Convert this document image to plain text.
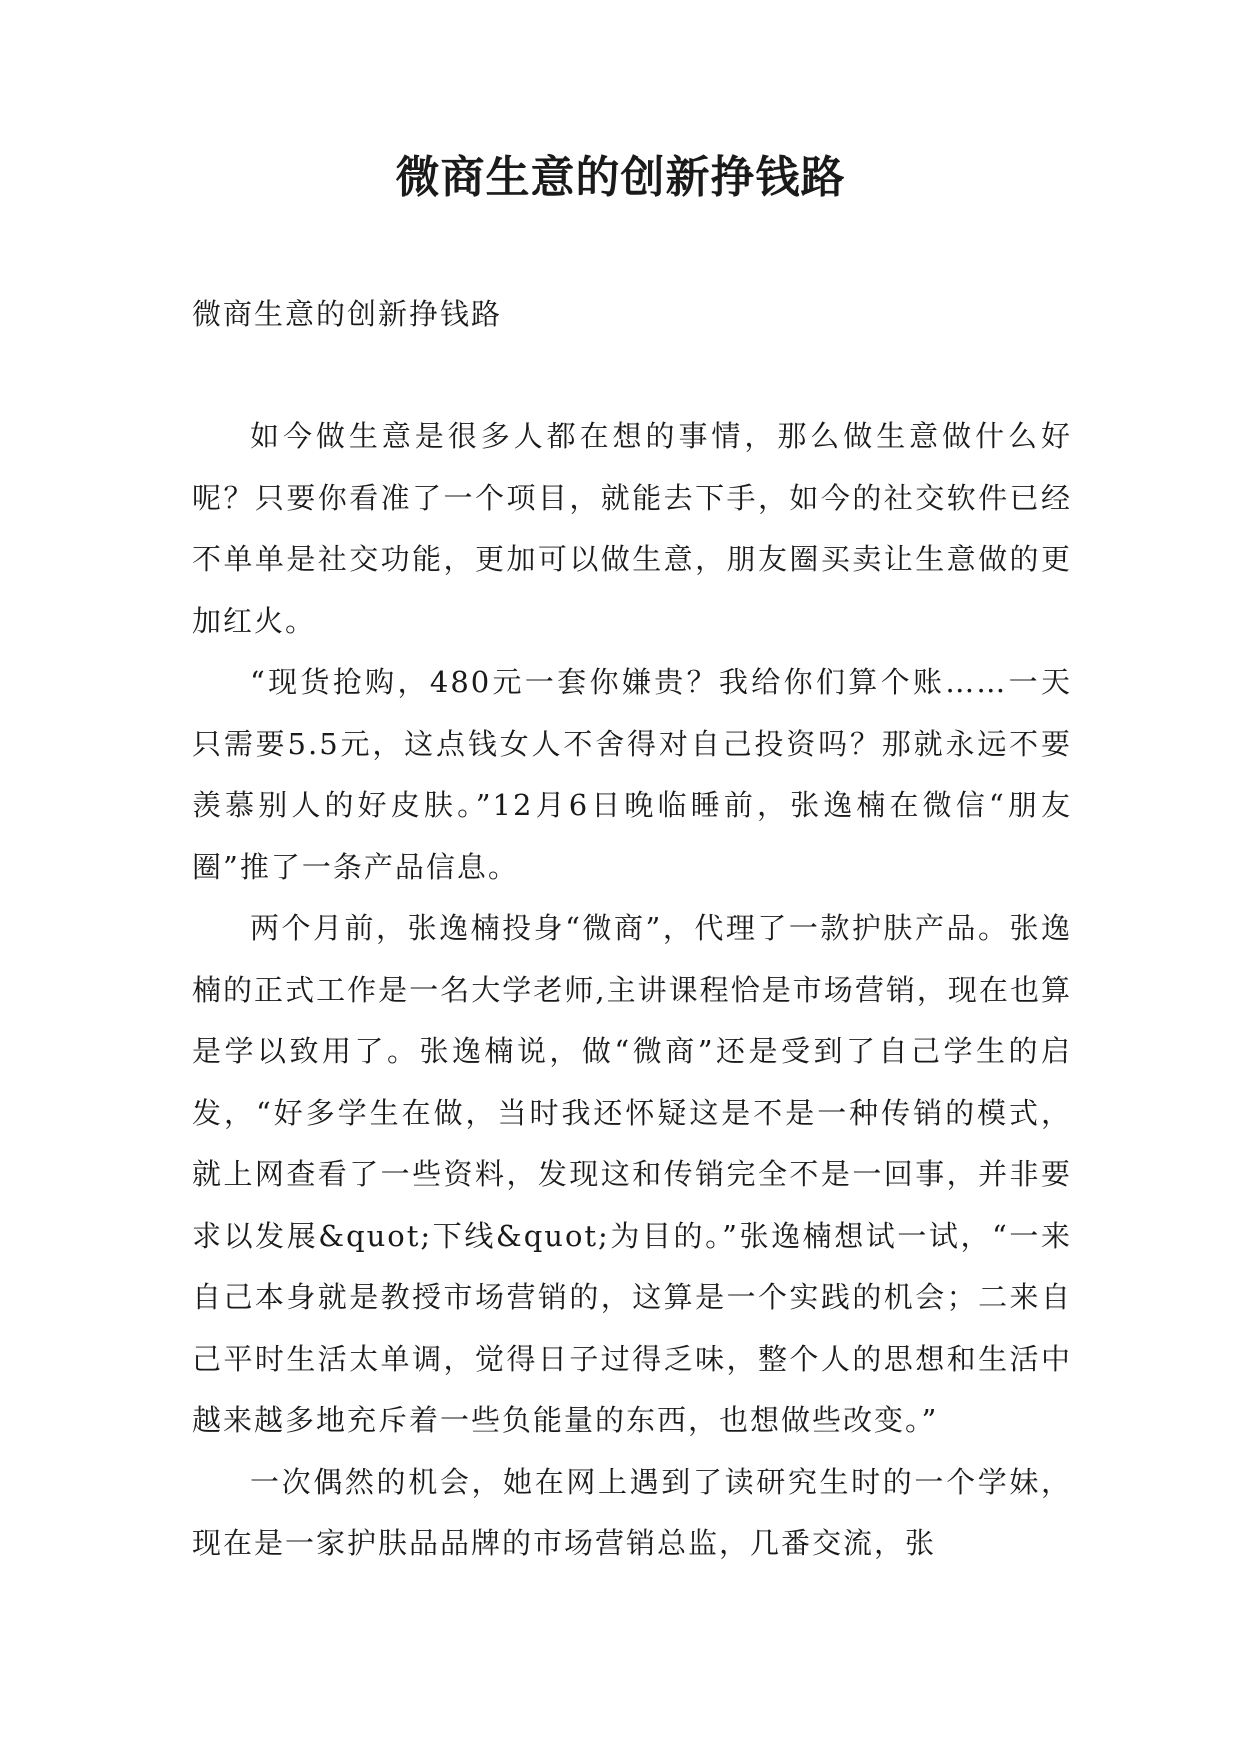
微商生意的创新挣钱路

微商生意的创新挣钱路

如今做生意是很多人都在想的事情，那么做生意做什么好呢？只要你看准了一个项目，就能去下手，如今的社交软件已经不单单是社交功能，更加可以做生意，朋友圈买卖让生意做的更加红火。

“现货抢购，480元一套你嫌贵？我给你们算个账……一天只需要5.5元，这点钱女人不舍得对自己投资吗？那就永远不要羡慕别人的好皮肤。”12月6日晚临睡前，张逸楠在微信“朋友圈”推了一条产品信息。

两个月前，张逸楠投身“微商”，代理了一款护肤产品。张逸楠的正式工作是一名大学老师,主讲课程恰是市场营销，现在也算是学以致用了。张逸楠说，做“微商”还是受到了自己学生的启发，“好多学生在做，当时我还怀疑这是不是一种传销的模式，就上网查看了一些资料，发现这和传销完全不是一回事，并非要求以发展&quot;下线&quot;为目的。”张逸楠想试一试，“一来自己本身就是教授市场营销的，这算是一个实践的机会；二来自己平时生活太单调，觉得日子过得乏味，整个人的思想和生活中越来越多地充斥着一些负能量的东西，也想做些改变。”

一次偶然的机会，她在网上遇到了读研究生时的一个学妹，现在是一家护肤品品牌的市场营销总监，几番交流，张
